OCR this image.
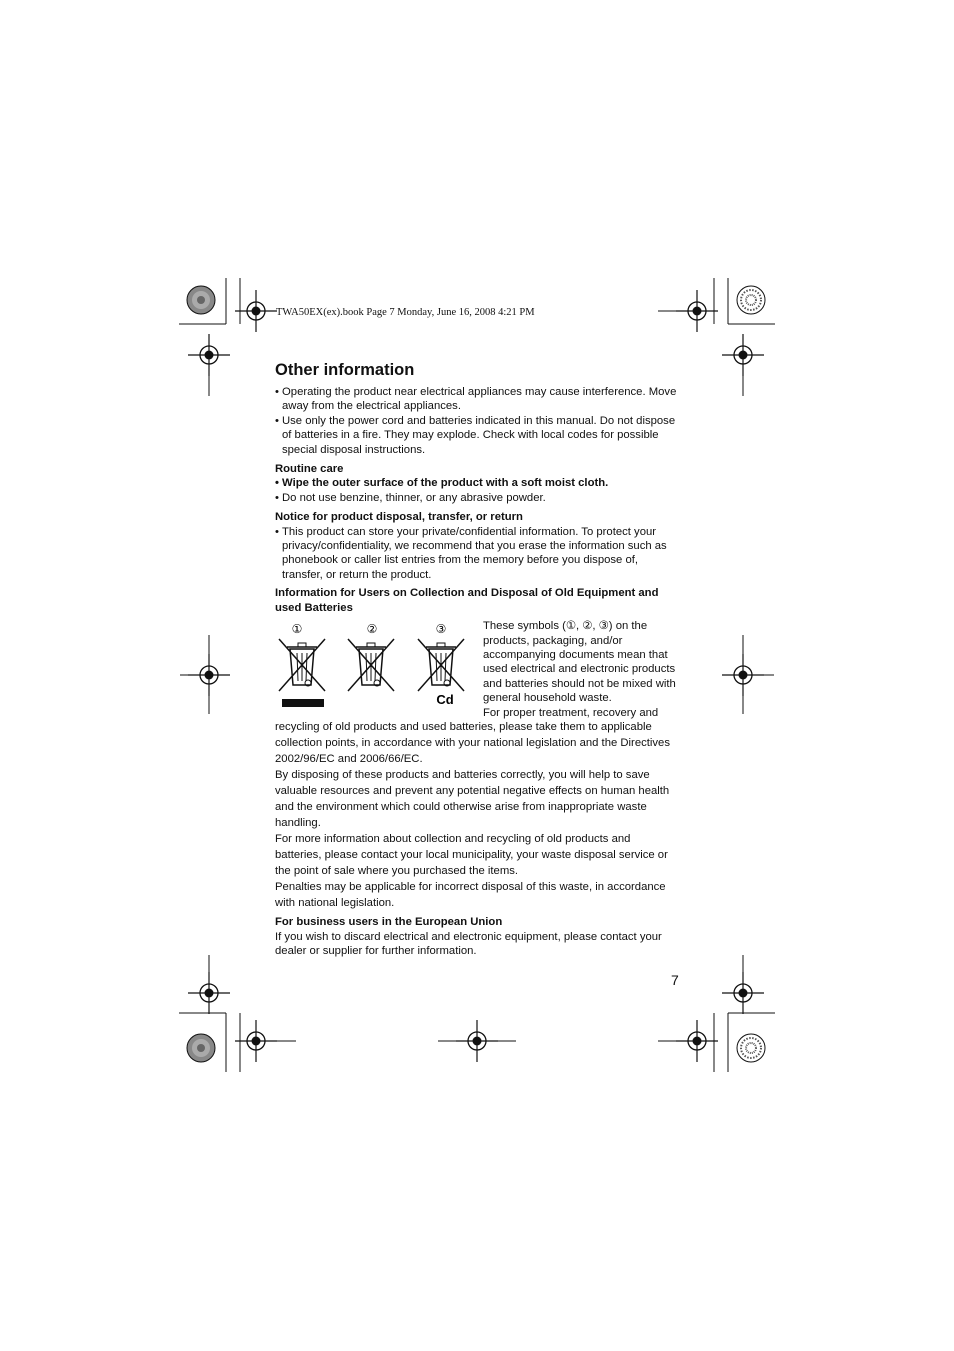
TWA50EX(ex).book Page 7 Monday, June 16, 2008 4:21 PM
Other information
• Operating the product near electrical appliances may cause interference. Move away from the electrical appliances.
• Use only the power cord and batteries indicated in this manual. Do not dispose of batteries in a fire. They may explode. Check with local codes for possible special disposal instructions.
Routine care
• Wipe the outer surface of the product with a soft moist cloth.
• Do not use benzine, thinner, or any abrasive powder.
Notice for product disposal, transfer, or return
• This product can store your private/confidential information. To protect your privacy/confidentiality, we recommend that you erase the information such as phonebook or caller list entries from the memory before you dispose of, transfer, or return the product.
Information for Users on Collection and Disposal of Old Equipment and used Batteries
①	②	③
Cd
These symbols (①, ②, ③) on the products, packaging, and/or accompanying documents mean that used electrical and electronic products and batteries should not be mixed with general household waste.
For proper treatment, recovery and

recycling of old products and used batteries, please take them to applicable collection points, in accordance with your national legislation and the Directives 2002/96/EC and 2006/66/EC.

By disposing of these products and batteries correctly, you will help to save valuable resources and prevent any potential negative effects on human health and the environment which could otherwise arise from inappropriate waste handling.

For more information about collection and recycling of old products and batteries, please contact your local municipality, your waste disposal service or the point of sale where you purchased the items.

Penalties may be applicable for incorrect disposal of this waste, in accordance with national legislation.

For business users in the European Union
If you wish to discard electrical and electronic equipment, please contact your dealer or supplier for further information.
7
